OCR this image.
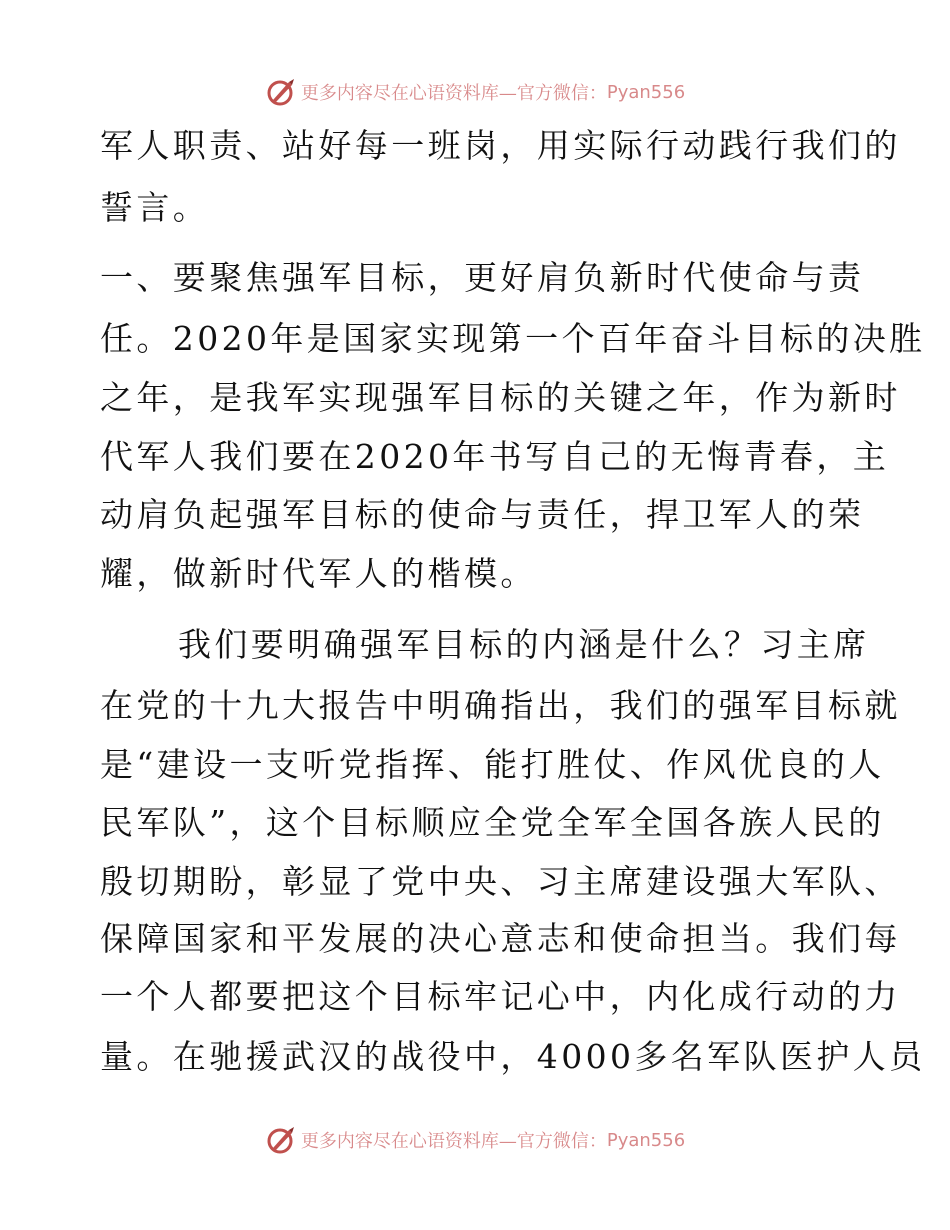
更多内容尽在心语资料库—官方微信： Pyan556
军人职责、站好每一班岗，用实际行动践行我们的
誓言。
一、要聚焦强军目标，更好肩负新时代使命与责
任。2020年是国家实现第一个百年奋斗目标的决胜
之年，是我军实现强军目标的关键之年，作为新时
代军人我们要在2020年书写自己的无悔青春，主
动肩负起强军目标的使命与责任，捍卫军人的荣
耀，做新时代军人的楷模。
我们要明确强军目标的内涵是什么？习主席
在党的十九大报告中明确指出，我们的强军目标就
是“建设一支听党指挥、能打胜仗、作风优良的人
民军队”，这个目标顺应全党全军全国各族人民的
殷切期盼，彰显了党中央、习主席建设强大军队、
保障国家和平发展的决心意志和使命担当。我们每
一个人都要把这个目标牢记心中，内化成行动的力
量。在驰援武汉的战役中，4000多名军队医护人员
更多内容尽在心语资料库—官方微信： Pyan556
